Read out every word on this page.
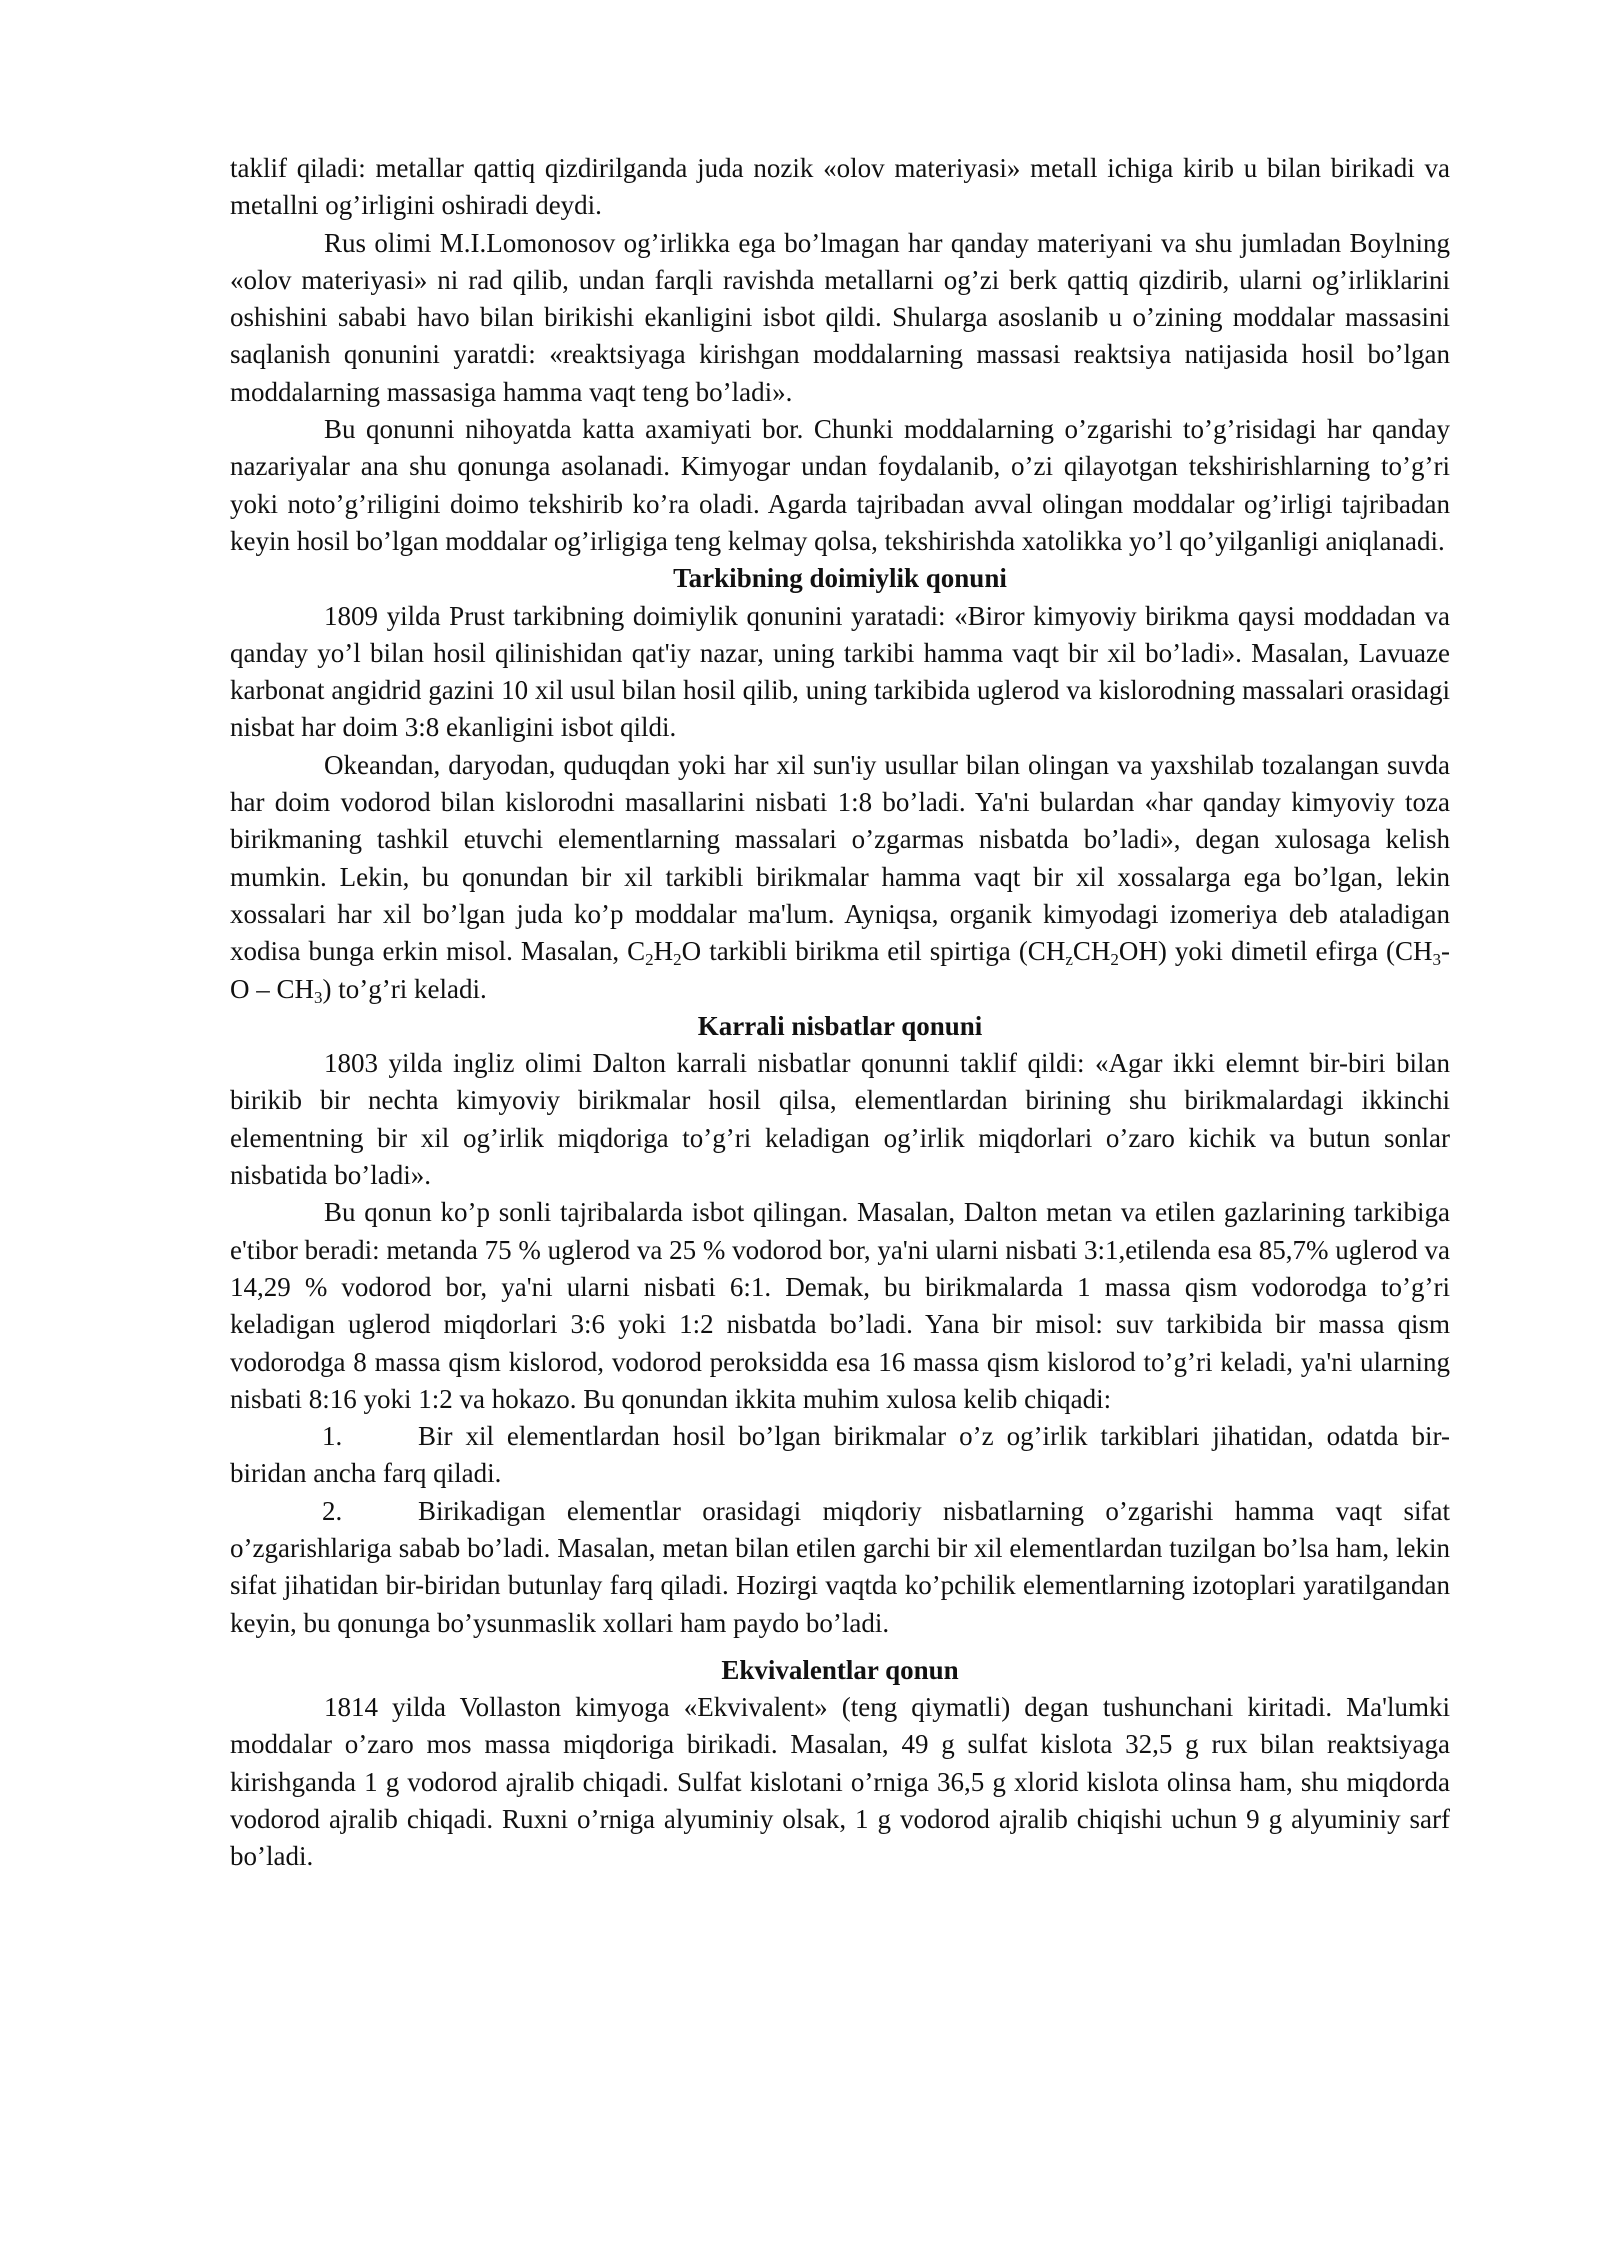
taklif qiladi: metallar qattiq qizdirilganda juda nozik «olov materiyasi» metall ichiga kirib u bilan birikadi va metallni og’irligini oshiradi deydi.

Rus olimi M.I.Lomonosov og’irlikka ega bo’lmagan har qanday materiyani va shu jumladan Boylning «olov materiyasi» ni rad qilib, undan farqli ravishda metallarni og’zi berk qattiq qizdirib, ularni og’irliklarini oshishini sababi havo bilan birikishi ekanligini isbot qildi. Shularga asoslanib u o’zining moddalar massasini saqlanish qonunini yaratdi: «reaktsiyaga kirishgan moddalarning massasi reaktsiya natijasida hosil bo’lgan moddalarning massasiga hamma vaqt teng bo’ladi».

Bu qonunni nihoyatda katta axamiyati bor. Chunki moddalarning o’zgarishi to’g’risidagi har qanday nazariyalar ana shu qonunga asolanadi. Kimyogar undan foydalanib, o’zi qilayotgan tekshirishlarning to’g’ri yoki noto’g’riligini doimo tekshirib ko’ra oladi. Agarda tajribadan avval olingan moddalar og’irligi tajribadan keyin hosil bo’lgan moddalar og’irligiga teng kelmay qolsa, tekshirishda xatolikka yo’l qo’yilganligi aniqlanadi.

Tarkibning doimiylik qonuni

1809 yilda Prust tarkibning doimiylik qonunini yaratadi: «Biror kimyoviy birikma qaysi moddadan va qanday yo’l bilan hosil qilinishidan qat'iy nazar, uning tarkibi hamma vaqt bir xil bo’ladi». Masalan, Lavuaze karbonat angidrid gazini 10 xil usul bilan hosil qilib, uning tarkibida uglerod va kislorodning massalari orasidagi nisbat har doim 3:8 ekanligini isbot qildi.

Okeandan, daryodan, quduqdan yoki har xil sun'iy usullar bilan olingan va yaxshilab tozalangan suvda har doim vodorod bilan kislorodni masallarini nisbati 1:8 bo’ladi. Ya'ni bulardan «har qanday kimyoviy toza birikmaning tashkil etuvchi elementlarning massalari o’zgarmas nisbatda bo’ladi», degan xulosaga kelish mumkin. Lekin, bu qonundan bir xil tarkibli birikmalar hamma vaqt bir xil xossalarga ega bo’lgan, lekin xossalari har xil bo’lgan juda ko’p moddalar ma'lum. Ayniqsa, organik kimyodagi izomeriya deb ataladigan xodisa bunga erkin misol. Masalan, $C_2H_2O$ tarkibli birikma etil spirtiga $(CH_zCH_2OH)$ yoki dimetil efirga $(CH_3-O - CH_3)$ to’g’ri keladi.

Karrali nisbatlar qonuni

1803 yilda ingliz olimi Dalton karrali nisbatlar qonunni taklif qildi: «Agar ikki elemnt bir-biri bilan birikib bir nechta kimyoviy birikmalar hosil qilsa, elementlardan birining shu birikmalardagi ikkinchi elementning bir xil og’irlik miqdoriga to’g’ri keladigan og’irlik miqdorlari o’zaro kichik va butun sonlar nisbatida bo’ladi».

Bu qonun ko’p sonli tajribalarda isbot qilingan. Masalan, Dalton metan va etilen gazlarining tarkibiga e'tibor beradi: metanda 75 % uglerod va 25 % vodorod bor, ya'ni ularni nisbati 3:1,etilenda esa 85,7% uglerod va 14,29 % vodorod bor, ya'ni ularni nisbati 6:1. Demak, bu birikmalarda 1 massa qism vodorodga to’g’ri keladigan uglerod miqdorlari 3:6 yoki 1:2 nisbatda bo’ladi. Yana bir misol: suv tarkibida bir massa qism vodorodga 8 massa qism kislorod, vodorod peroksidda esa 16 massa qism kislorod to’g’ri keladi, ya'ni ularning nisbati 8:16 yoki 1:2 va hokazo. Bu qonundan ikkita muhim xulosa kelib chiqadi:

1.	Bir xil elementlardan hosil bo’lgan birikmalar o’z og’irlik tarkiblari jihatidan, odatda bir-biridan ancha farq qiladi.

2.	Birikadigan elementlar orasidagi miqdoriy nisbatlarning o’zgarishi hamma vaqt sifat o’zgarishlariga sabab bo’ladi. Masalan, metan bilan etilen garchi bir xil elementlardan tuzilgan bo’lsa ham, lekin sifat jihatidan bir-biridan butunlay farq qiladi. Hozirgi vaqtda ko’pchilik elementlarning izotoplari yaratilgandan keyin, bu qonunga bo’ysunmaslik xollari ham paydo bo’ladi.

Ekvivalentlar qonun

1814 yilda Vollaston kimyoga «Ekvivalent» (teng qiymatli) degan tushunchani kiritadi. Ma'lumki moddalar o’zaro mos massa miqdoriga birikadi. Masalan, 49 g sulfat kislota 32,5 g rux bilan reaktsiyaga kirishganda 1 g vodorod ajralib chiqadi. Sulfat kislotani o’rniga 36,5 g xlorid kislota olinsa ham, shu miqdorda vodorod ajralib chiqadi. Ruxni o’rniga alyuminiy olsak, 1 g vodorod ajralib chiqishi uchun 9 g alyuminiy sarf bo’ladi.
